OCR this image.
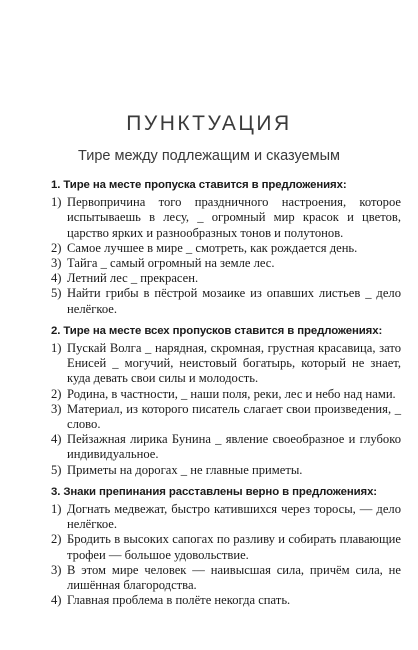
ПУНКТУАЦИЯ
Тире между подлежащим и сказуемым
1. Тире на месте пропуска ставится в предложениях:
1) Первопричина того праздничного настроения, которое испытываешь в лесу, _ огромный мир красок и цветов, царство ярких и разнообразных тонов и полутонов.
2) Самое лучшее в мире _ смотреть, как рождается день.
3) Тайга _ самый огромный на земле лес.
4) Летний лес _ прекрасен.
5) Найти грибы в пёстрой мозаике из опавших листьев _ дело нелёгкое.
2. Тире на месте всех пропусков ставится в предложениях:
1) Пускай Волга _ нарядная, скромная, грустная красавица, зато Енисей _ могучий, неистовый богатырь, который не знает, куда девать свои силы и молодость.
2) Родина, в частности, _ наши поля, реки, лес и небо над нами.
3) Материал, из которого писатель слагает свои произведения, _ слово.
4) Пейзажная лирика Бунина _ явление своеобразное и глубоко индивидуальное.
5) Приметы на дорогах _ не главные приметы.
3. Знаки препинания расставлены верно в предложениях:
1) Догнать медвежат, быстро катившихся через торосы, — дело нелёгкое.
2) Бродить в высоких сапогах по разливу и собирать плавающие трофеи — большое удовольствие.
3) В этом мире человек — наивысшая сила, причём сила, не лишённая благородства.
4) Главная проблема в полёте некогда спать.
